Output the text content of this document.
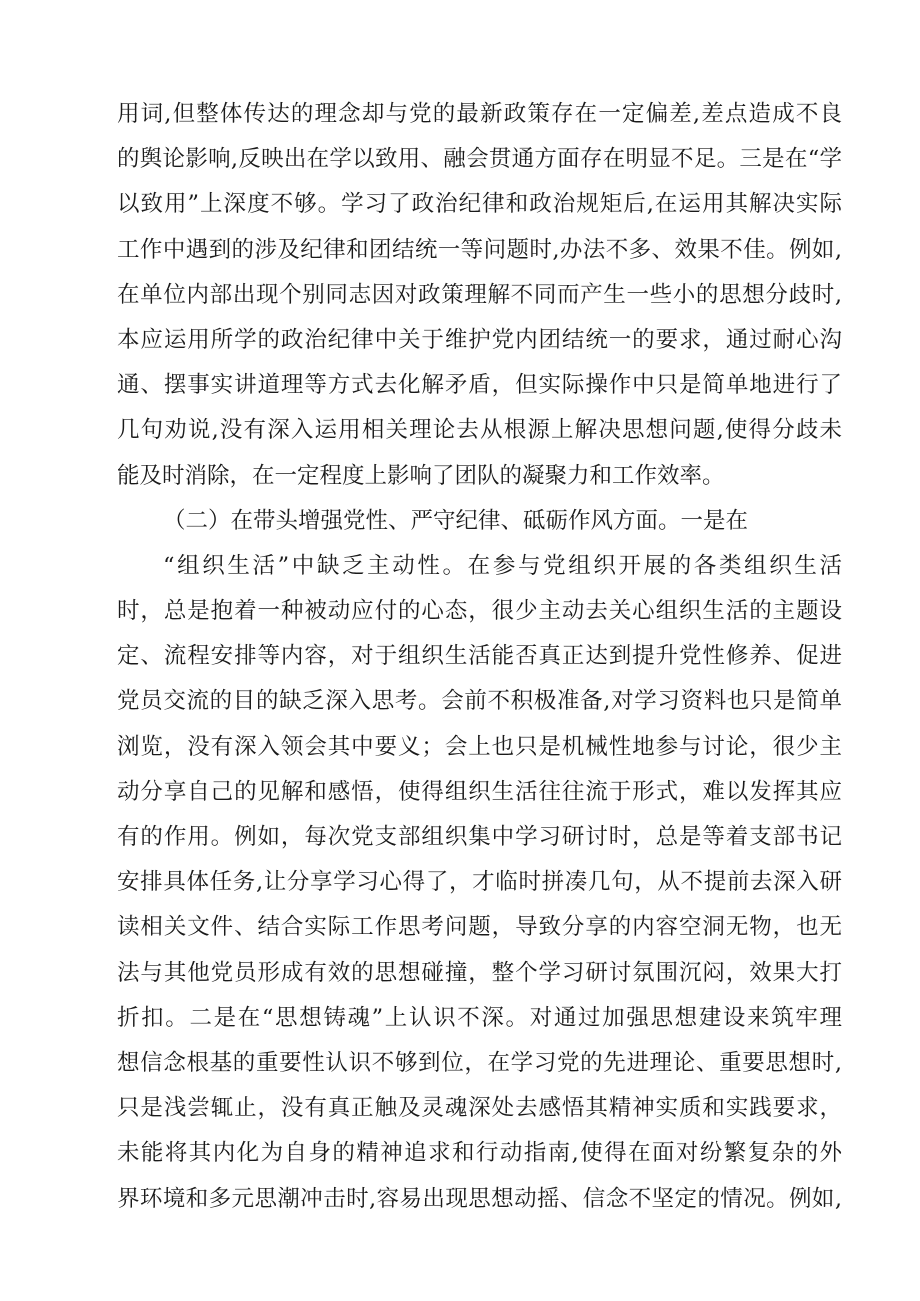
用词,但整体传达的理念却与党的最新政策存在一定偏差,差点造成不良
的舆论影响,反映出在学以致用、融会贯通方面存在明显不足。三是在“学
以致用”上深度不够。学习了政治纪律和政治规矩后,在运用其解决实际
工作中遇到的涉及纪律和团结统一等问题时,办法不多、效果不佳。例如,
在单位内部出现个别同志因对政策理解不同而产生一些小的思想分歧时,
本应运用所学的政治纪律中关于维护党内团结统一的要求，通过耐心沟
通、摆事实讲道理等方式去化解矛盾，但实际操作中只是简单地进行了
几句劝说,没有深入运用相关理论去从根源上解决思想问题,使得分歧未
能及时消除，在一定程度上影响了团队的凝聚力和工作效率。
（二）在带头增强党性、严守纪律、砥砺作风方面。一是在
“组织生活”中缺乏主动性。在参与党组织开展的各类组织生活
时，总是抱着一种被动应付的心态，很少主动去关心组织生活的主题设
定、流程安排等内容，对于组织生活能否真正达到提升党性修养、促进
党员交流的目的缺乏深入思考。会前不积极准备,对学习资料也只是简单
浏览，没有深入领会其中要义；会上也只是机械性地参与讨论，很少主
动分享自己的见解和感悟，使得组织生活往往流于形式，难以发挥其应
有的作用。例如，每次党支部组织集中学习研讨时，总是等着支部书记
安排具体任务,让分享学习心得了，才临时拼凑几句，从不提前去深入研
读相关文件、结合实际工作思考问题，导致分享的内容空洞无物，也无
法与其他党员形成有效的思想碰撞，整个学习研讨氛围沉闷，效果大打
折扣。二是在“思想铸魂”上认识不深。对通过加强思想建设来筑牢理
想信念根基的重要性认识不够到位，在学习党的先进理论、重要思想时,
只是浅尝辄止，没有真正触及灵魂深处去感悟其精神实质和实践要求，
未能将其内化为自身的精神追求和行动指南,使得在面对纷繁复杂的外
界环境和多元思潮冲击时,容易出现思想动摇、信念不坚定的情况。例如,
